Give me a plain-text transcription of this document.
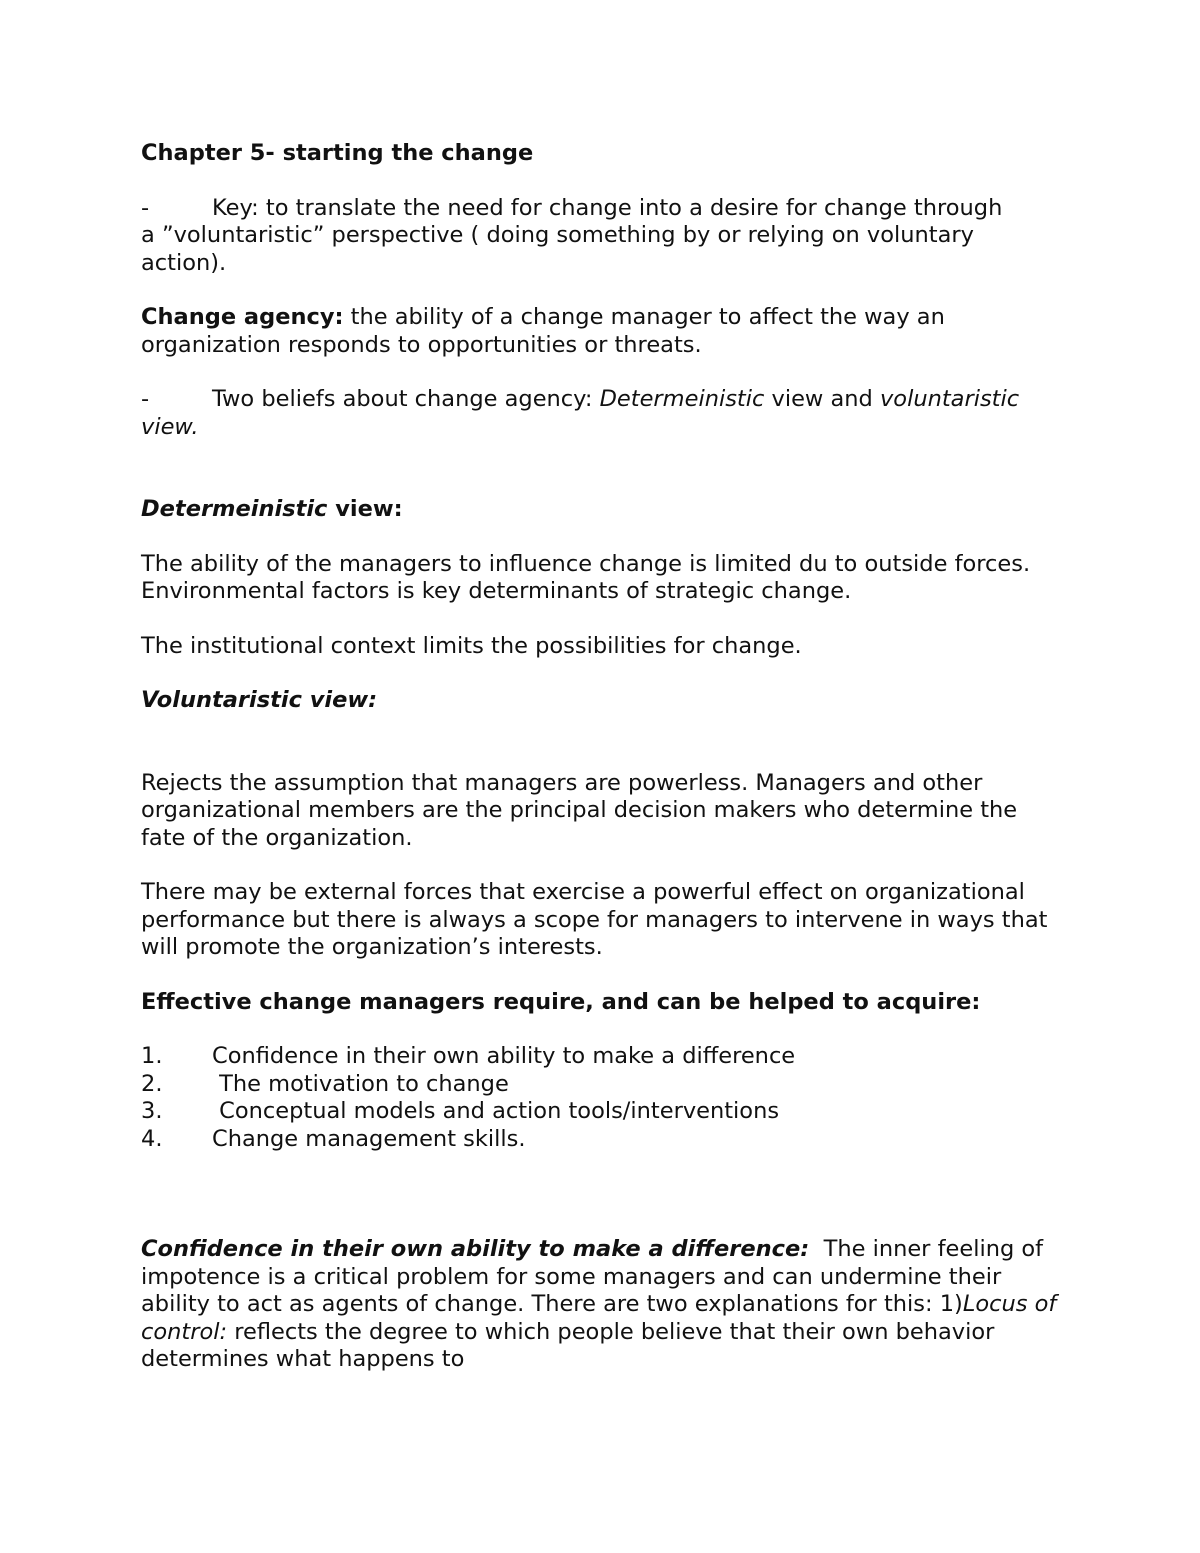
Chapter 5- starting the change

-	Key: to translate the need for change into a desire for change through

a ”voluntaristic” perspective ( doing something by or relying on voluntary action).

Change agency: the ability of a change manager to affect the way an organization responds to opportunities or threats.

-	Two beliefs about change agency: Determeinistic view and voluntaristic

view.

Determeinistic view:

The ability of the managers to influence change is limited du to outside forces. Environmental factors is key determinants of strategic change.

The institutional context limits the possibilities for change.

Voluntaristic view:

Rejects the assumption that managers are powerless. Managers and other organizational members are the principal decision makers who determine the fate of the organization.

There may be external forces that exercise a powerful effect on organizational performance but there is always a scope for managers to intervene in ways that will promote the organization’s interests.

Effective change managers require, and can be helped to acquire:

1.	Confidence in their own ability to make a difference
2.	The motivation to change
3.	Conceptual models and action tools/interventions
4.	Change management skills.

Confidence in their own ability to make a difference:  The inner feeling of impotence is a critical problem for some managers and can undermine their ability to act as agents of change. There are two explanations for this: 1)Locus of control: reflects the degree to which people believe that their own behavior determines what happens to
